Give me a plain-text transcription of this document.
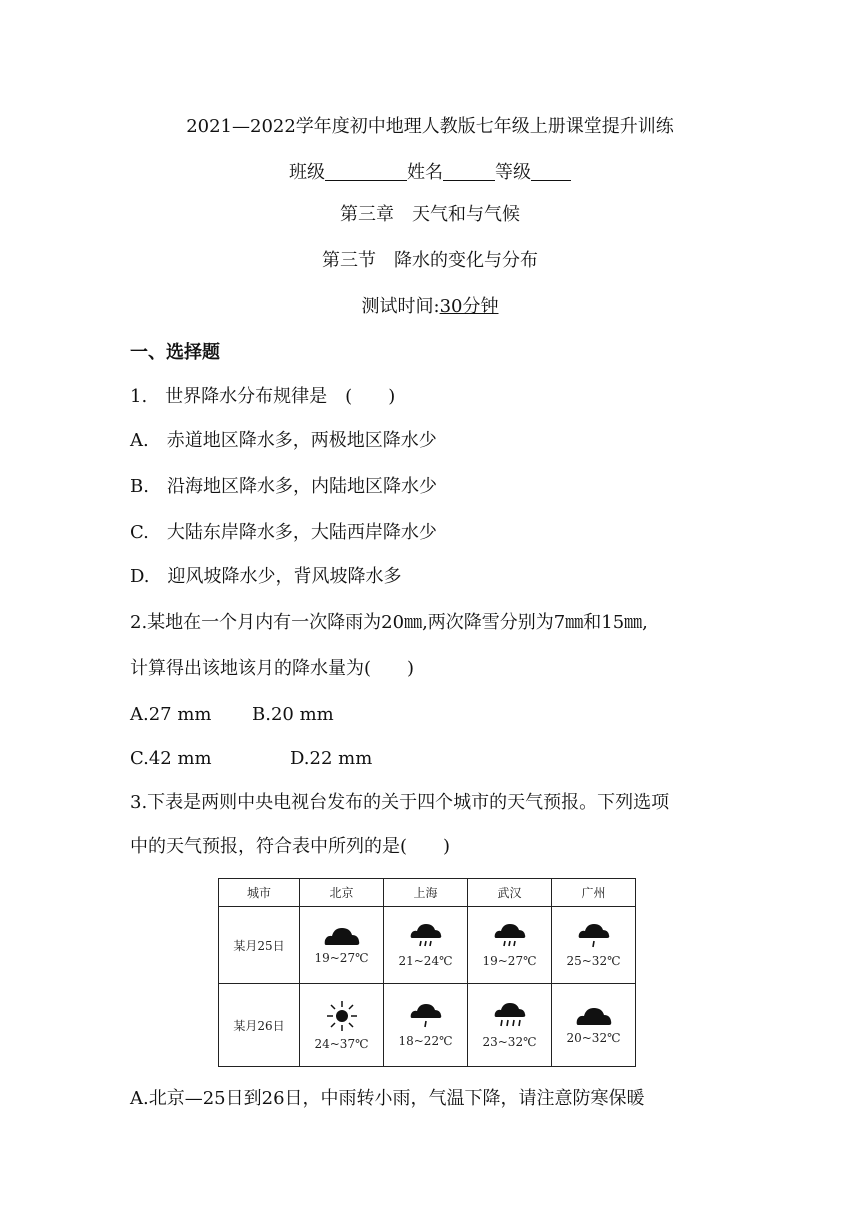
2021—2022学年度初中地理人教版七年级上册课堂提升训练
班级	姓名	等级
第三章　天气和与气候
第三节　降水的变化与分布
测试时间:30分钟
一、选择题
1.　世界降水分布规律是　(　　)
A.　赤道地区降水多，两极地区降水少
B.　沿海地区降水多，内陆地区降水少
C.　大陆东岸降水多，大陆西岸降水少
D.　迎风坡降水少，背风坡降水多
2.某地在一个月内有一次降雨为20㎜,两次降雪分别为7㎜和15㎜,
计算得出该地该月的降水量为(　　)
A.27 mm B.20 mm
C.42 mm	D.22 mm
3.下表是两则中央电视台发布的关于四个城市的天气预报。下列选项
中的天气预报，符合表中所列的是(　　)
城市	北京	上海	武汉	广州
某月25日	19~27℃	21~24℃	19~27℃	25~32℃

某月26日	24~37℃	18~22℃	23~32℃	20~32℃
A.北京—25日到26日，中雨转小雨，气温下降，请注意防寒保暖
